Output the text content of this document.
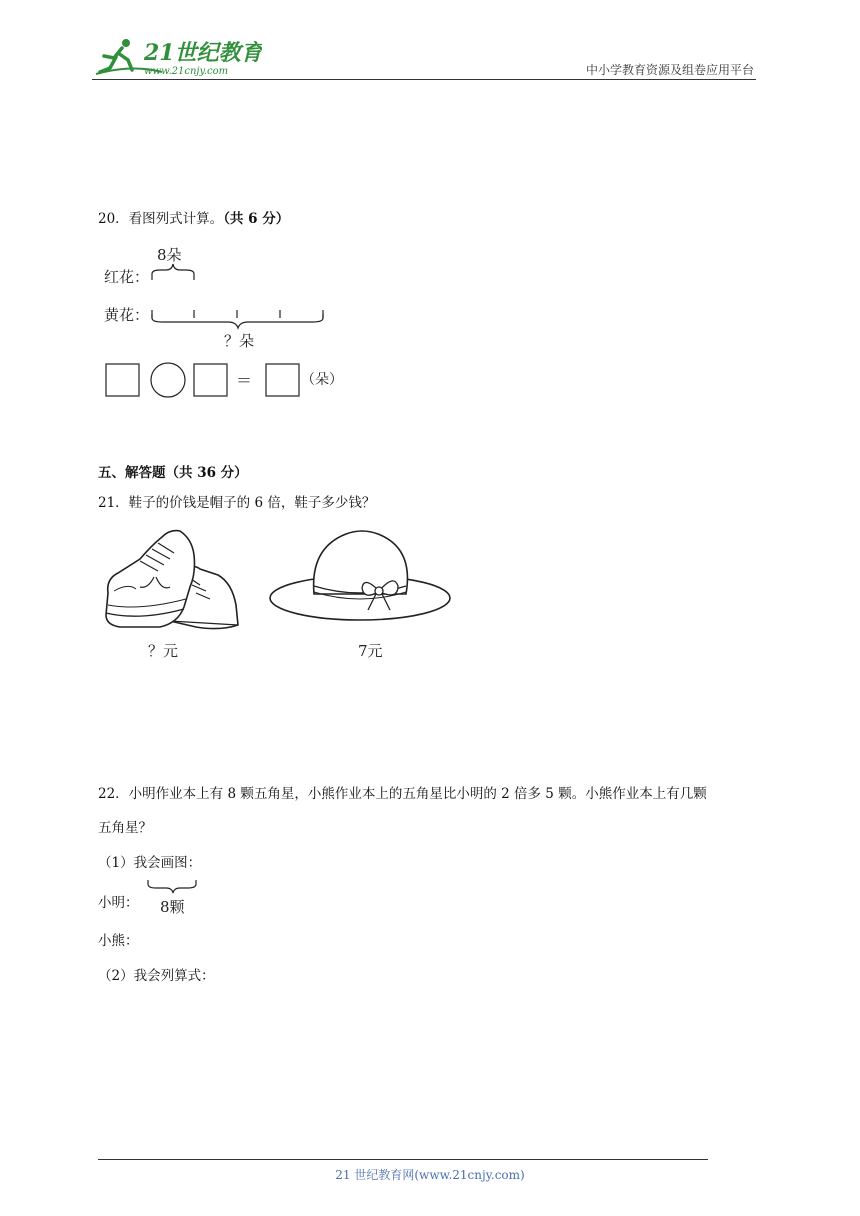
21世纪教育
www.21cnjy.com	中小学教育资源及组卷应用平台
20．看图列式计算。（共 6 分）
红花：
8朵
黄花：
？朵
＝	（朵）
五、解答题（共 36 分）
21．鞋子的价钱是帽子的 6 倍，鞋子多少钱？
？元	7元
22．小明作业本上有 8 颗五角星，小熊作业本上的五角星比小明的 2 倍多 5 颗。小熊作业本上有几颗
五角星？
（1）我会画图：
小明： 8颗
小熊：
（2）我会列算式：
21 世纪教育网(www.21cnjy.com)
